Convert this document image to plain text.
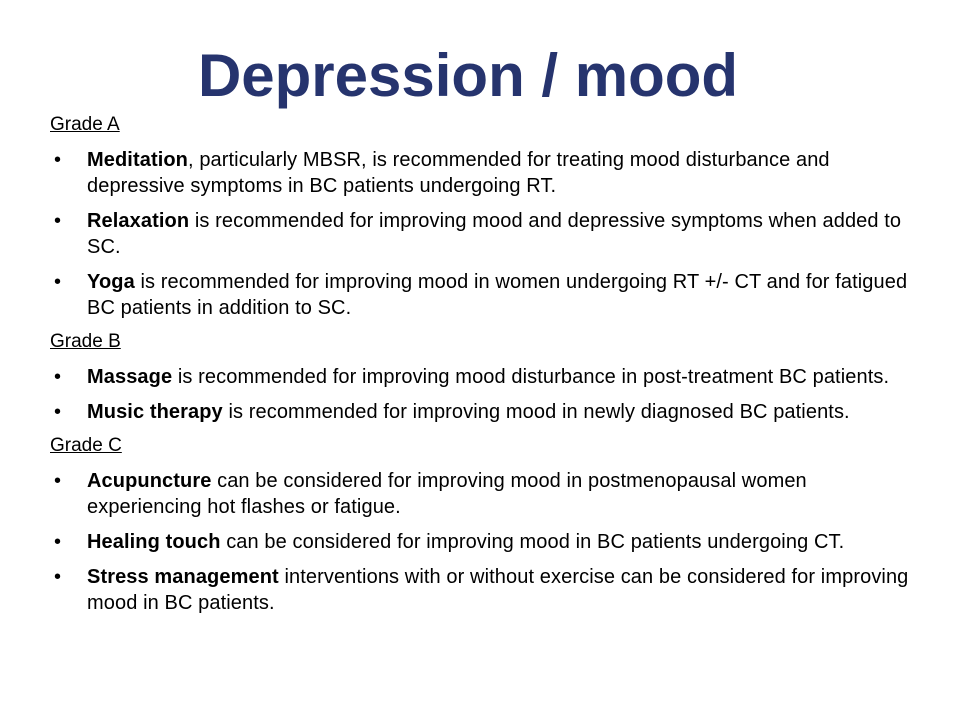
Depression / mood

Grade A

• Meditation, particularly MBSR, is recommended for treating mood disturbance and depressive symptoms in BC patients undergoing RT.
• Relaxation is recommended for improving mood and depressive symptoms when added to SC.
• Yoga is recommended for improving mood in women undergoing RT +/- CT and for fatigued BC patients in addition to SC.

Grade B

• Massage is recommended for improving mood disturbance in post-treatment BC patients.
• Music therapy is recommended for improving mood in newly diagnosed BC patients.

Grade C

• Acupuncture can be considered for improving mood in postmenopausal women experiencing hot flashes or fatigue.
• Healing touch can be considered for improving mood in BC patients undergoing CT.
• Stress management interventions with or without exercise can be considered for improving mood in BC patients.
